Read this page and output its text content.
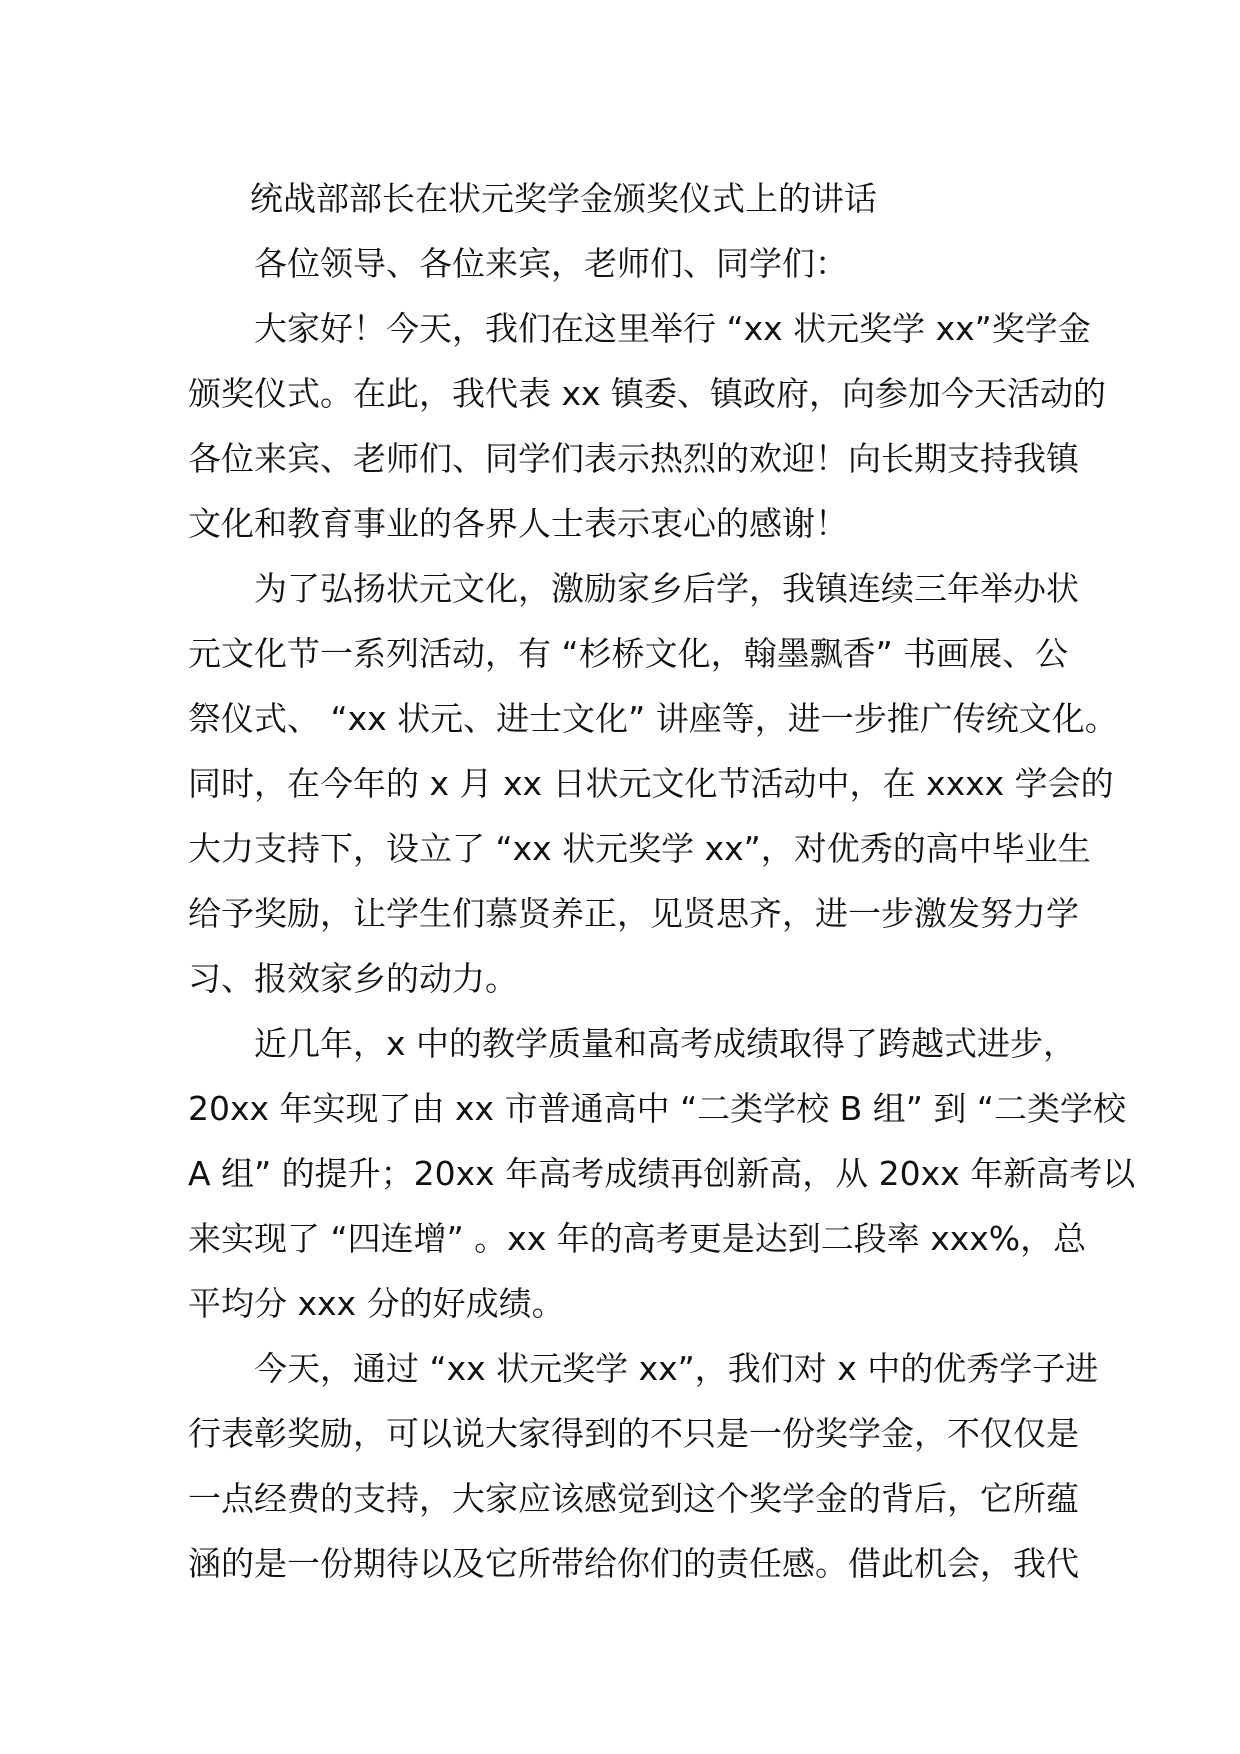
统战部部长在状元奖学金颁奖仪式上的讲话
各位领导、各位来宾，老师们、同学们：
大家好！今天，我们在这里举行 “xx 状元奖学 xx”奖学金
颁奖仪式。在此，我代表 xx 镇委、镇政府，向参加今天活动的
各位来宾、老师们、同学们表示热烈的欢迎！向长期支持我镇
文化和教育事业的各界人士表示衷心的感谢！
为了弘扬状元文化，激励家乡后学，我镇连续三年举办状
元文化节一系列活动，有 “杉桥文化，翰墨飘香” 书画展、公
祭仪式、 “xx 状元、进士文化” 讲座等，进一步推广传统文化。
同时，在今年的 x 月 xx 日状元文化节活动中，在 xxxx 学会的
大力支持下，设立了 “xx 状元奖学 xx”，对优秀的高中毕业生
给予奖励，让学生们慕贤养正，见贤思齐，进一步激发努力学
习、报效家乡的动力。
近几年，x 中的教学质量和高考成绩取得了跨越式进步，
20xx 年实现了由 xx 市普通高中 “二类学校 B 组” 到 “二类学校
A 组” 的提升；20xx 年高考成绩再创新高，从 20xx 年新高考以
来实现了 “四连增” 。xx 年的高考更是达到二段率 xxx%，总
平均分 xxx 分的好成绩。
今天，通过 “xx 状元奖学 xx”，我们对 x 中的优秀学子进
行表彰奖励，可以说大家得到的不只是一份奖学金，不仅仅是
一点经费的支持，大家应该感觉到这个奖学金的背后，它所蕴
涵的是一份期待以及它所带给你们的责任感。借此机会，我代
